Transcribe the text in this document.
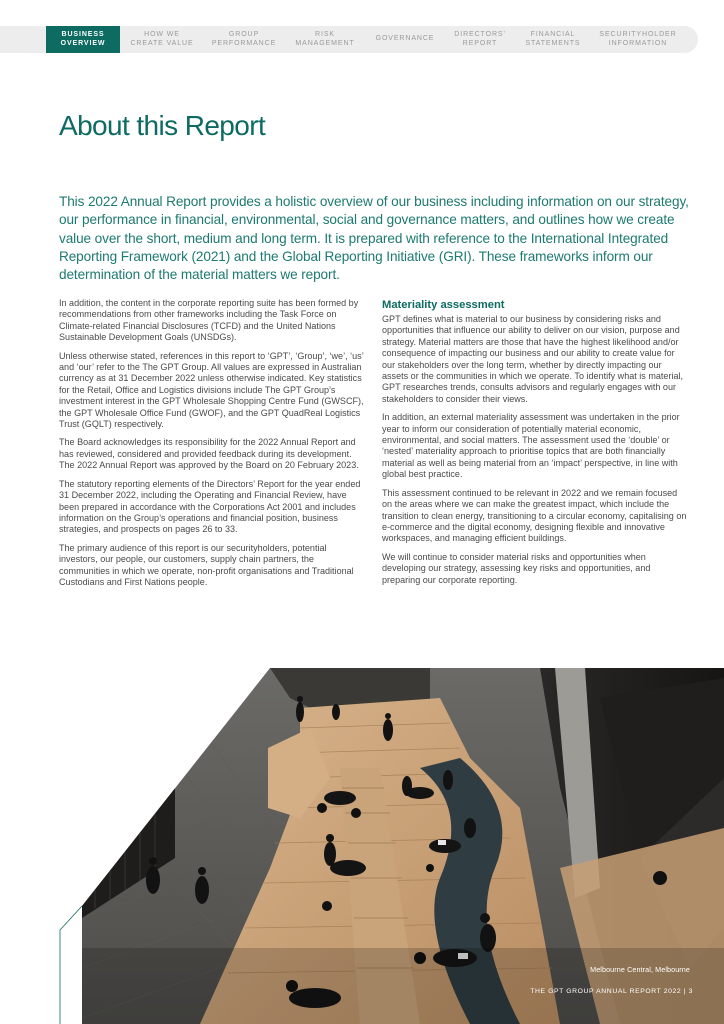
BUSINESS
OVERVIEW
HOW WE
CREATE VALUE
GROUP
PERFORMANCE
RISK
MANAGEMENT
GOVERNANCE
DIRECTORS'
REPORT
FINANCIAL
STATEMENTS
SECURITYHOLDER
INFORMATION
About this Report

This 2022 Annual Report provides a holistic overview of our business including information on our strategy, our performance in financial, environmental, social and governance matters, and outlines how we create value over the short, medium and long term. It is prepared with reference to the International Integrated Reporting Framework (2021) and the Global Reporting Initiative (GRI). These frameworks inform our determination of the material matters we report.

In addition, the content in the corporate reporting suite has been formed by recommendations from other frameworks including the Task Force on Climate-related Financial Disclosures (TCFD) and the United Nations Sustainable Development Goals (UNSDGs).

Unless otherwise stated, references in this report to ‘GPT’, ‘Group’, ‘we’, ‘us’ and ‘our’ refer to the The GPT Group. All values are expressed in Australian currency as at 31 December 2022 unless otherwise indicated. Key statistics for the Retail, Office and Logistics divisions include The GPT Group’s investment interest in the GPT Wholesale Shopping Centre Fund (GWSCF), the GPT Wholesale Office Fund (GWOF), and the GPT QuadReal Logistics Trust (GQLT) respectively.

The Board acknowledges its responsibility for the 2022 Annual Report and has reviewed, considered and provided feedback during its development. The 2022 Annual Report was approved by the Board on 20 February 2023.

The statutory reporting elements of the Directors’ Report for the year ended 31 December 2022, including the Operating and Financial Review, have been prepared in accordance with the Corporations Act 2001 and includes information on the Group’s operations and financial position, business strategies, and prospects on pages 26 to 33.

The primary audience of this report is our securityholders, potential investors, our people, our customers, supply chain partners, the communities in which we operate, non-profit organisations and Traditional Custodians and First Nations people.

Materiality assessment

GPT defines what is material to our business by considering risks and opportunities that influence our ability to deliver on our vision, purpose and strategy. Material matters are those that have the highest likelihood and/or consequence of impacting our business and our ability to create value for our stakeholders over the long term, whether by directly impacting our assets or the communities in which we operate. To identify what is material, GPT researches trends, consults advisors and regularly engages with our stakeholders to consider their views.

In addition, an external materiality assessment was undertaken in the prior year to inform our consideration of potentially material economic, environmental, and social matters. The assessment used the ‘double’ or ‘nested’ materiality approach to prioritise topics that are both financially material as well as being material from an ‘impact’ perspective, in line with global best practice.

This assessment continued to be relevant in 2022 and we remain focused on the areas where we can make the greatest impact, which include the transition to clean energy, transitioning to a circular economy, capitalising on e-commerce and the digital economy, designing flexible and innovative workspaces, and managing efficient buildings.

We will continue to consider material risks and opportunities when developing our strategy, assessing key risks and opportunities, and preparing our corporate reporting.

Melbourne Central, Melbourne
THE GPT GROUP ANNUAL REPORT 2022 | 3
